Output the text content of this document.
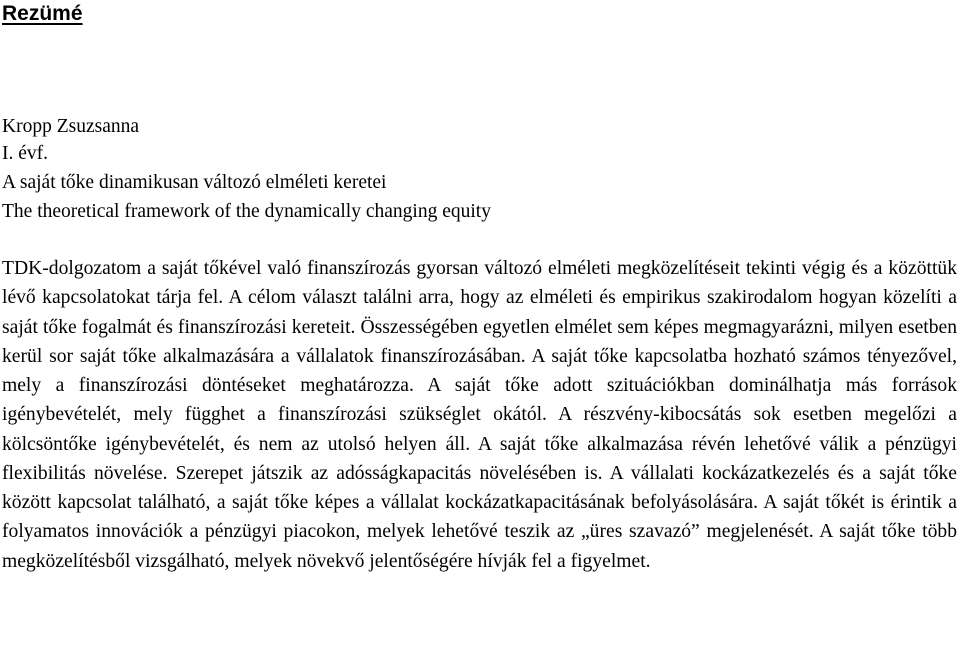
Rezümé

Kropp Zsuzsanna

I. évf.

A saját tőke dinamikusan változó elméleti keretei

The theoretical framework of the dynamically changing equity

TDK-dolgozatom a saját tőkével való finanszírozás gyorsan változó elméleti megközelítéseit tekinti végig és a közöttük lévő kapcsolatokat tárja fel. A célom választ találni arra, hogy az elméleti és empirikus szakirodalom hogyan közelíti a saját tőke fogalmát és finanszírozási kereteit. Összességében egyetlen elmélet sem képes megmagyarázni, milyen esetben kerül sor saját tőke alkalmazására a vállalatok finanszírozásában. A saját tőke kapcsolatba hozható számos tényezővel, mely a finanszírozási döntéseket meghatározza. A saját tőke adott szituációkban dominálhatja más források igénybevételét, mely függhet a finanszírozási szükséglet okától. A részvény-kibocsátás sok esetben megelőzi a kölcsöntőke igénybevételét, és nem az utolsó helyen áll. A saját tőke alkalmazása révén lehetővé válik a pénzügyi flexibilitás növelése. Szerepet játszik az adósságkapacitás növelésében is. A vállalati kockázatkezelés és a saját tőke között kapcsolat található, a saját tőke képes a vállalat kockázatkapacitásának befolyásolására. A saját tőkét is érintik a folyamatos innovációk a pénzügyi piacokon, melyek lehetővé teszik az „üres szavazó” megjelenését. A saját tőke több megközelítésből vizsgálható, melyek növekvő jelentőségére hívják fel a figyelmet.
